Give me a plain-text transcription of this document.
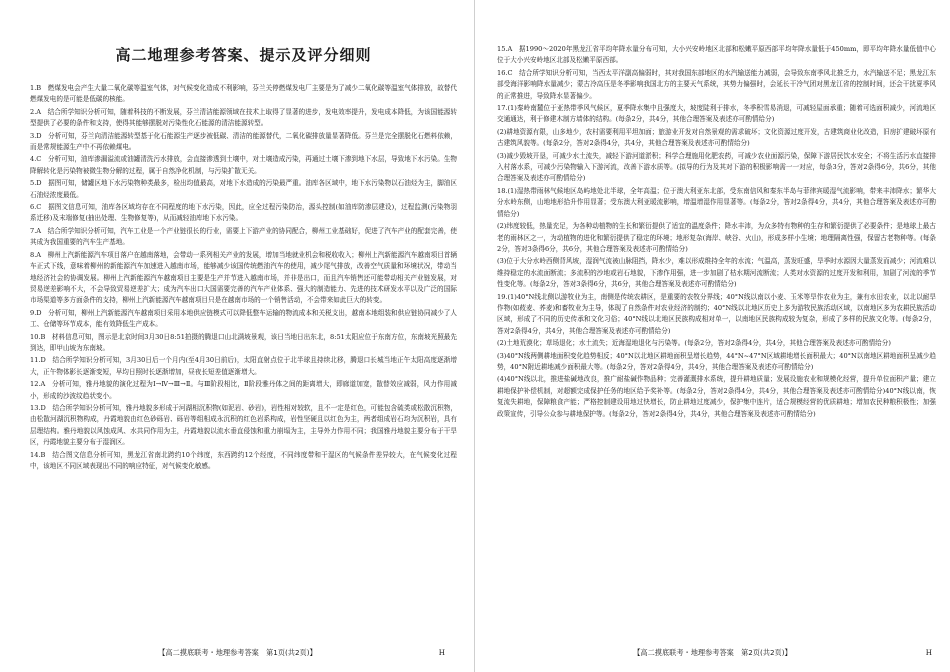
高二地理参考答案、提示及评分细则

1.B　燃煤发电会产生大量二氧化碳等温室气体，对气候变化造成不利影响，芬兰关停燃煤发电厂主要是为了减少二氧化碳等温室气体排放，故替代燃煤发电的是可能是低碳的核能。

2.A　结合所学知识分析可知，随着科技的不断发展，芬兰清洁能源领域在技术上取得了显著的进步，发电效率提升，发电成本降低，为该国能源转型提供了必要的条件和支持，使得其能够摆脱对污染性化石能源的清洁能源转型。

3.D　分析可知，芬兰向清洁能源转型基于化石能源生产逐步被低碳、清洁的能源替代，二氧化碳排放量显著降低。芬兰是完全摆脱化石燃料依赖，而是常规能源生产中不再依赖煤电。

4.C　分析可知，油库渗漏溢流或油罐清洗污水排放，会直接渗透到土壤中，对土壤造成污染，再通过土壤下渗到地下水层，导致地下水污染。生物降解转化是污染物被微生物分解的过程，属于自然净化机制，与污染扩散无关。

5.D　据图可知，储罐区地下水污染物种类最多，检出均值最高，对地下水造成的污染最严重。油库各区域中，地下水污染物以石油烃为主，脚油区石油烃浓度最低。

6.C　据图文信息可知，油库各区域均存在不同程度的地下水污染，因此，应全过程污染防治，源头控制(如油库防渗层建设)，过程监测(污染物羽系迁移)及末端修复(抽出处理、生物修复等)，从而减轻油库地下水污染。

7.A　结合所学知识分析可知，汽车工业是一个产业链很长的行业，需要上下游产业的协同配合，柳州工业基础好，促进了汽车产业的配套完善，使其成为我国重要的汽车生产基地。

8.A　柳州上汽新能源汽车项目落户在越南落地，会带动一系列相关产业的发展，增加当地就业机会和税收收入；柳州上汽新能源汽车越南项目首辆车正式下线，意味着柳州的新能源汽车加速进入越南市场，能够减少该国传统燃油汽车的使用，减少尾气排放，改善空气质量和环境状况，带动当地经济社会的协调发展。柳州上汽新能源汽车越南项目主要是生产并节进入越南市场，并非是出口，而且汽车销售还可能带动相关产业链发展，对贸易逆差影响不大，不会导致贸易逆差扩大；成为汽车出口大国需要完善的汽车产业体系、强大的制造能力、先进的技术研发水平以及广泛的国际市场渠道等多方面条件的支持，柳州上汽新能源汽车越南项目只是在越南市场的一个销售活动，不会带来如此巨大的转变。

9.D　分析可知，柳州上汽新能源汽车越南项目采用本地供应链模式可以降低整车运输的物流成本和关税支出，越南本地组装和供应链协同减少了人工、仓储等环节成本，能有效降低生产成本。

10.B　材料信息可知，图示是北京时间3月30日8:51拍摄的腾退口山北满坡景观，该日当地日出东北，8:51太阳应位于东南方位，东南坡光照最先到达，即甲山坡为东南坡。

11.D　结合所学知识分析可知，3月30日后一个月内(至4月30日前后)，太阳直射点位于北半球且持续北移，腾退口长城当地正午太阳高度逐渐增大，正午物体影长逐渐变短，早均日照时长逐渐增加，昼夜长短差值逐渐增大。

12.A　分析可知，雅丹地貌的演化过程为Ⅰ→Ⅳ→Ⅲ→Ⅱ。与Ⅲ阶段相比，Ⅱ阶段雅丹体之间的距离增大，即廊道加宽，散替效应减弱，风力作用减小，形成的沙波纹趋状变小。

13.D　结合所学知识分析可知，雅丹地貌多形成于河湖相沉积物(如泥岩、砂岩)，岩性相对较软，且不一定是红色，可能包含硫类或松散沉积物，由松散河湖沉积物构成，丹霞地貌由红色砂砾岩、砾岩等组相成永沉积的红色岩系构成，岩性坚硬且以红色为主，两者组成岩石均为沉积岩，具有层理结构。雅丹地貌以风蚀成风、水共同作用为主，丹霞地貌以流水垂直侵蚀和重力崩塌为主，主导外力作用不同；我国雅丹地貌主要分布于干旱区，丹霞地貌主要分布于湿润区。

14.B　结合图文信息分析可知，黑龙江省南北跨约10个纬度，东西跨约12个经度，不同纬度带和干湿区的气候条件差异较大，在气候变化过程中，该地区不同区域表现出不同的响应特征，对气候变化敏感。

【高二摸底联考・地理参考答案　第1页(共2页)】	H

15.A　据1990～2020年黑龙江省平均年降水量分布可知，大小兴安岭地区北部和松嫩平原西部平均年降水量低于450mm，即平均年降水量低值中心位于大小兴安岭地区北部及松嫩平原西部。

16.C　结合所学知识分析可知，当西太平洋副高偏弱时，其对我国东部地区的水汽输送能力减弱，会导致东南季风北推乏力，水汽输送不足；黑龙江东部受海洋影响降水量减少；蒙古冷高压是冬季影响我国北方的主要天气系统，其势力偏强时，会延长干冷气团对黑龙江省的控制时间，还会干扰夏季风的正常推进，导致降水显著偏少。

17.(1)秦岭南麓位于亚热带季风气候区，夏季降水集中且强度大，坡度陡利于排水，冬季积雪易消退，可减轻屋面承重；随着可选面积减少，河流地区交通通达，利于修建木制方墙体的结构。(每条2分，共4分，其他合理答案及表述亦可酌情给分)

(2)耕地资源有限，山多地少，农村需要利用平坦加面；旅游业开发对自然景观的需求破坏；文化资源过度开发，古建筑商业化改造，旧房扩建破坏原有古建筑风貌等。(每条2分，答对2条得4分，共4分，其他合理答案及表述亦可酌情给分)

(3)减少毁坡开垦，可减少水土流失，减轻下游河道淤积；科学合理施用化肥农药，可减少农业面源污染，保障下游居民饮水安全；不将生活污水直接排入村落水系，可减少污染物输入下游河流，改善下游水质等。(拟导的行为及其对下游的积极影响需一一对应，每条3分，答对2条得6分，共6分，其他合理答案及表述亦可酌情给分)

18.(1)湿热带雨林气候地区岛屿地处北半球，全年高温；位于澳大利亚东北部，受东南信风和秦东半岛与菲律宾暖湿气流影响，带来丰沛降水；繁华大分水岭东侧，山地地形拾升作用显著；受东澳大利亚暖流影响，增温增湿作用显著等。(每条2分，答对2条得4分，共4分，其他合理答案及表述亦可酌情给分)

(2)纬度较低，热量充足，为各种动植物的生长和繁衍提供了适宜的温度条件；降水丰沛，为众多特有物种的生存和繁衍提供了必要条件；是地球上最古老的雨林区之一，为动植物的进化和繁衍提供了稳定的环境；地形复杂(海岸、峡谷、火山)，形成多样小生境；地理隔离性强，保留古老物种等。(每条2分，答对3条得6分，共6分，其他合理答案及表述亦可酌情给分)

(3)位于大分水岭西侧背风坡，湿润气流被山脉阻挡，降水少，难以形成维持全年的水流；气温高，蒸发旺盛，旱季时水源因大量蒸发而减少；河流难以维持稳定的水流面断流；多流积的沙地或岩石地貌，下渗作用强，进一步加剧了枯水期河流断流；人类对水资源的过度开发和利用，加剧了河流的季节性变化等。(每条2分，答对3条得6分，共6分，其他合理答案及表述亦可酌情给分)

19.(1)40°N线北侧以游牧业为主，南侧是传统农耕区，是重要的农牧分界线；40°N线以南以小麦、玉米等旱作农业为主，兼有水田农业，以北以耐旱作物(如莜麦、荞麦)和畜牧业为主导，体现了自然条件对农业经济的制约；40°N线以北地区历史上多为游牧民族活动区域，以南地区多为农耕民族活动区域，形成了不同的历史传承和文化习俗；40°N线以北地区民族构成相对单一，以南地区民族构成较为复杂，形成了多样的民族文化等。(每条2分，答对2条得4分，共4分，其他合理答案及表述亦可酌情给分)

(2)土地荒漠化；草场退化；水土流失；近海湿地退化与污染等。(每条2分，答对2条得4分，共4分，其他合理答案及表述亦可酌情给分)

(3)40°N线两侧耕地面积变化趋势相反；40°N以北地区耕地面积呈增长趋势，44°N~47°N区域耕地增长面积最大；40°N以南地区耕地面积呈减少趋势，40°N附近耕地减少面积最大等。(每条2分，答对2条得4分，共4分，其他合理答案及表述亦可酌情给分)

(4)40°N线以北，推进盐碱地改良，推广耐盐碱作物品种；完善灌溉排水系统，提升耕地质量；发展设施农业和规模化经营，提升单位面积产量；建立耕地保护补偿机制，对超额完成保护任务的地区给予奖补等。(每条2分，答对2条得4分，共4分，其他合理答案及表述亦可酌情给分)40°N线以南，恢复流失耕地，保障粮食产能；严格控制建设用地过快增长，防止耕地过度减少，保护集中连片，适合规模经营的优质耕地；增加农民种粮积极性；加强政策宣传，引导公众参与耕地保护等。(每条2分，答对2条得4分，共4分，其他合理答案及表述亦可酌情给分)

【高二摸底联考・地理参考答案　第2页(共2页)】	H
